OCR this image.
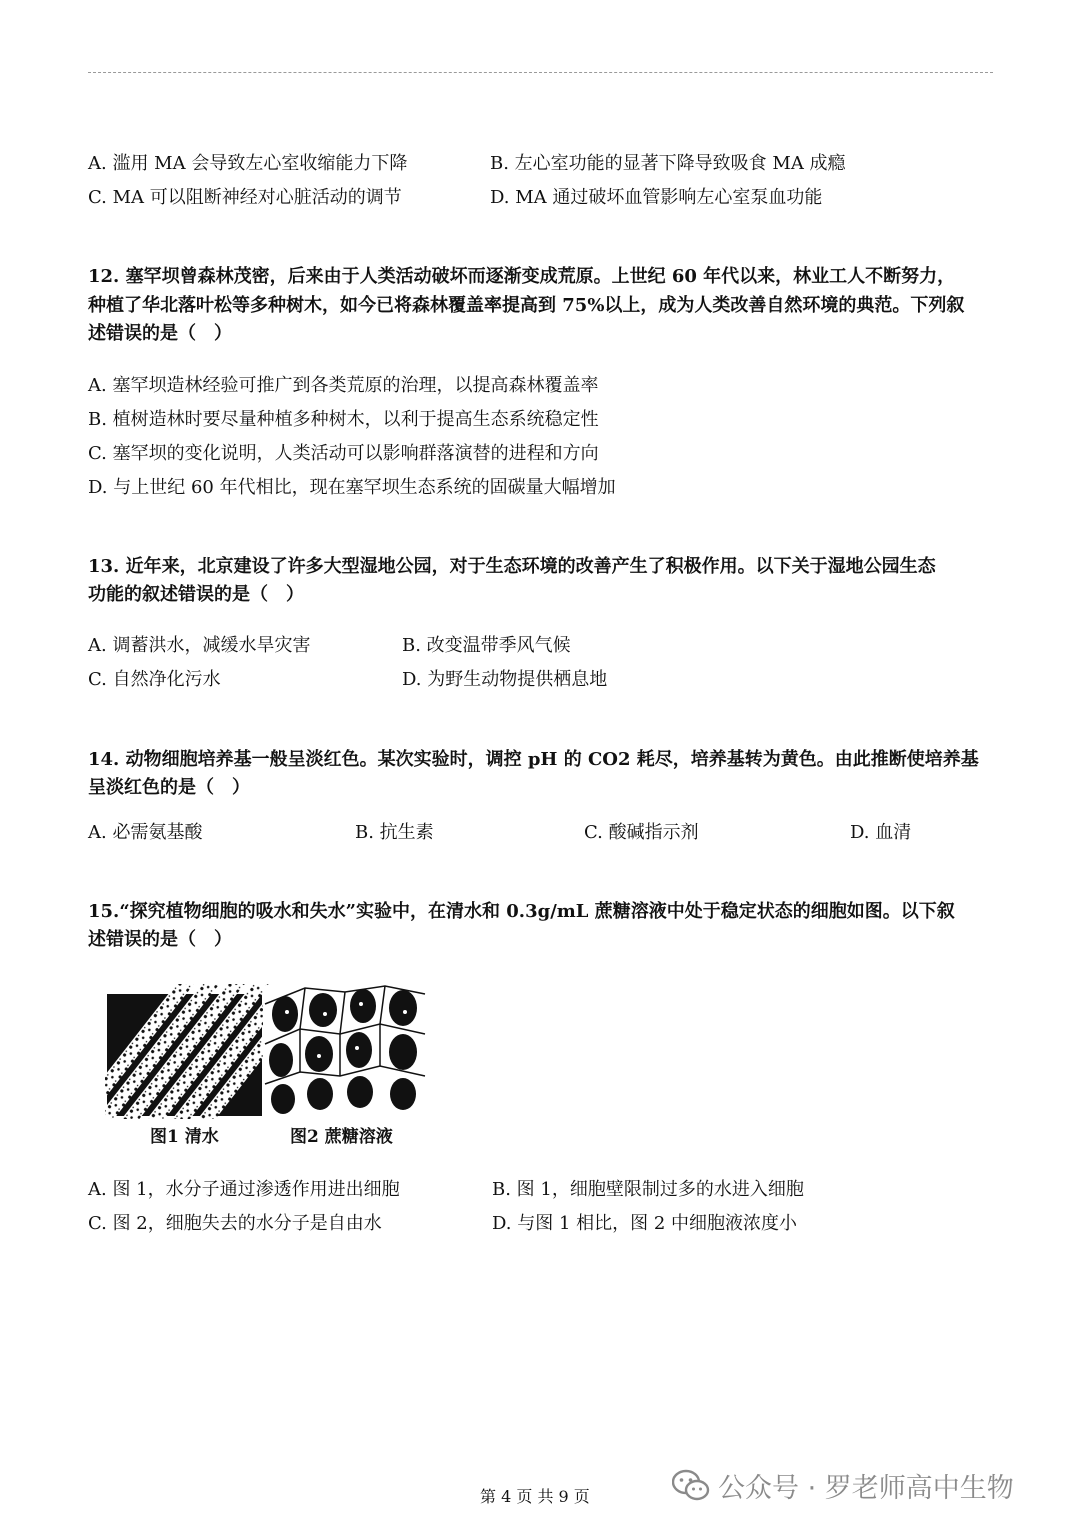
A. 滥用 MA 会导致左心室收缩能力下降	B. 左心室功能的显著下降导致吸食 MA 成瘾
C. MA 可以阻断神经对心脏活动的调节	D. MA 通过破坏血管影响左心室泵血功能
12. 塞罕坝曾森林茂密，后来由于人类活动破坏而逐渐变成荒原。上世纪 60 年代以来，林业工人不断努力，
种植了华北落叶松等多种树木，如今已将森林覆盖率提高到 75%以上，成为人类改善自然环境的典范。下列叙
述错误的是（　）
A. 塞罕坝造林经验可推广到各类荒原的治理，以提高森林覆盖率
B. 植树造林时要尽量种植多种树木，以利于提高生态系统稳定性
C. 塞罕坝的变化说明，人类活动可以影响群落演替的进程和方向
D. 与上世纪 60 年代相比，现在塞罕坝生态系统的固碳量大幅增加
13. 近年来，北京建设了许多大型湿地公园，对于生态环境的改善产生了积极作用。以下关于湿地公园生态
功能的叙述错误的是（　）
A. 调蓄洪水，减缓水旱灾害	B. 改变温带季风气候
C. 自然净化污水	D. 为野生动物提供栖息地
14. 动物细胞培养基一般呈淡红色。某次实验时，调控 pH 的 CO2 耗尽，培养基转为黄色。由此推断使培养基
呈淡红色的是（　）
A. 必需氨基酸	B. 抗生素	C. 酸碱指示剂	D. 血清
15.“探究植物细胞的吸水和失水”实验中，在清水和 0.3g/mL 蔗糖溶液中处于稳定状态的细胞如图。以下叙
述错误的是（　）
图1 清水	图2 蔗糖溶液
A. 图 1，水分子通过渗透作用进出细胞	B. 图 1，细胞壁限制过多的水进入细胞
C. 图 2，细胞失去的水分子是自由水	D. 与图 1 相比，图 2 中细胞液浓度小
第 4 页 共 9 页	公众号 · 罗老师高中生物
